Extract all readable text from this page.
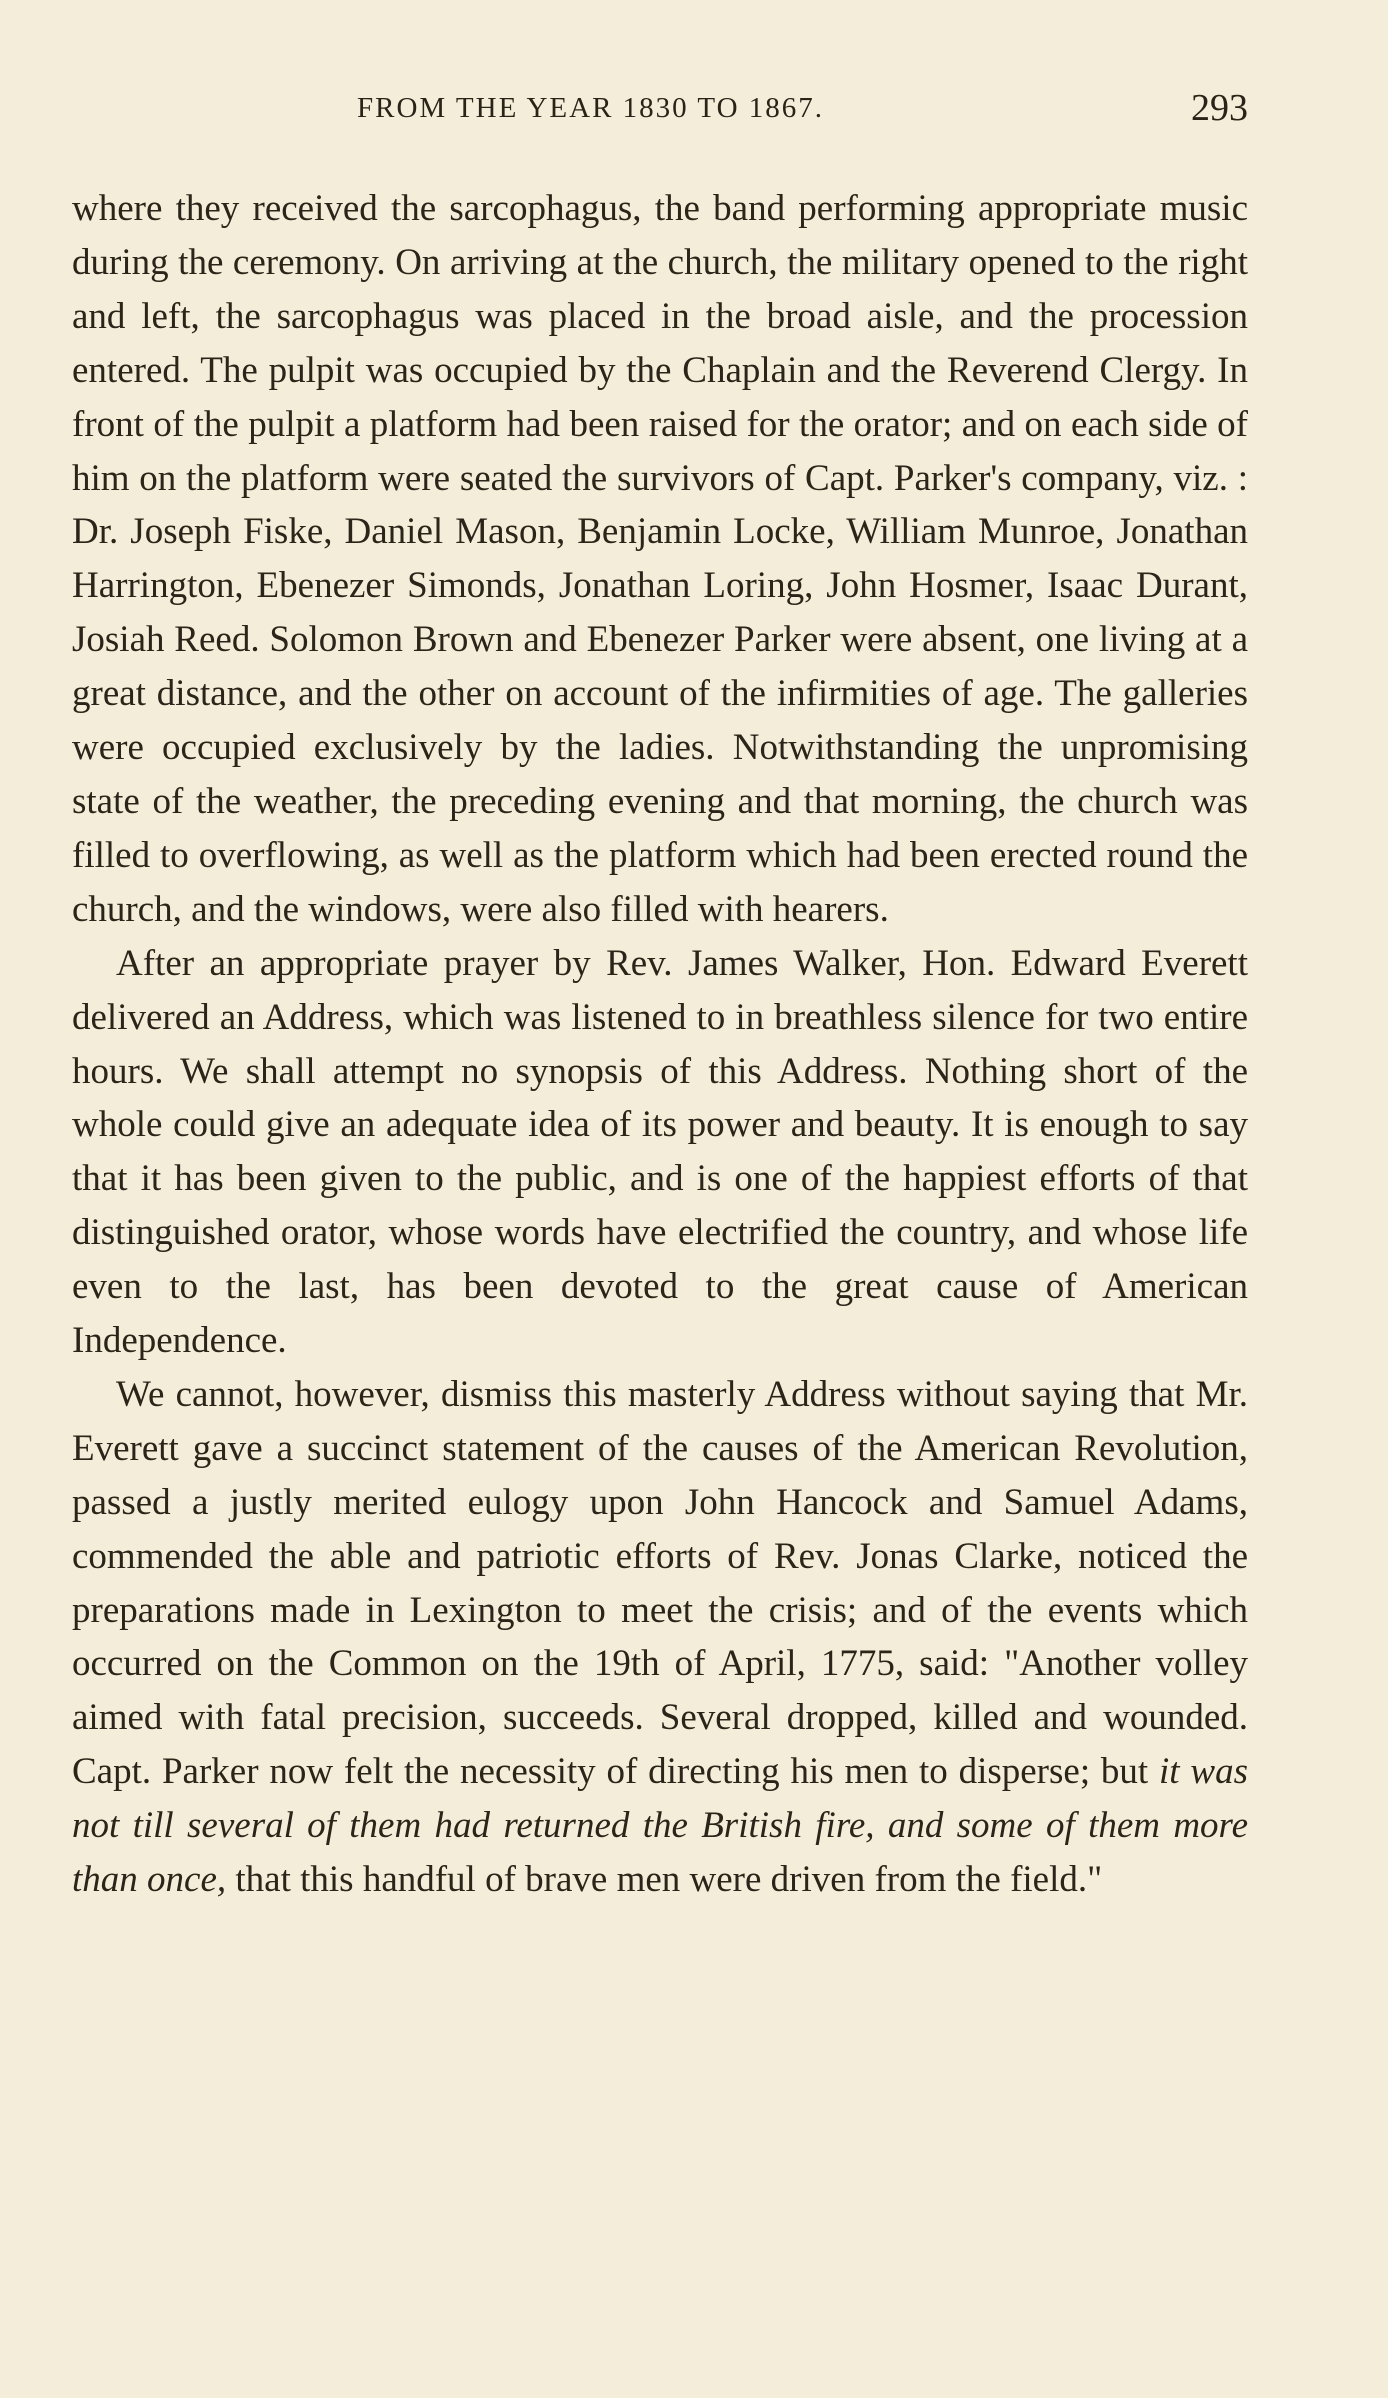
FROM THE YEAR 1830 TO 1867.	293

where they received the sarcophagus, the band performing appropriate music during the ceremony. On arriving at the church, the military opened to the right and left, the sarcophagus was placed in the broad aisle, and the procession entered. The pulpit was occupied by the Chaplain and the Reverend Clergy. In front of the pulpit a platform had been raised for the orator; and on each side of him on the platform were seated the survivors of Capt. Parker's company, viz. : Dr. Joseph Fiske, Daniel Mason, Benjamin Locke, William Munroe, Jonathan Harrington, Ebenezer Simonds, Jonathan Loring, John Hosmer, Isaac Durant, Josiah Reed. Solomon Brown and Ebenezer Parker were absent, one living at a great distance, and the other on account of the infirmities of age. The galleries were occupied exclusively by the ladies. Notwithstanding the unpromising state of the weather, the preceding evening and that morning, the church was filled to overflowing, as well as the platform which had been erected round the church, and the windows, were also filled with hearers.

After an appropriate prayer by Rev. James Walker, Hon. Edward Everett delivered an Address, which was listened to in breathless silence for two entire hours. We shall attempt no synopsis of this Address. Nothing short of the whole could give an adequate idea of its power and beauty. It is enough to say that it has been given to the public, and is one of the happiest efforts of that distinguished orator, whose words have electrified the country, and whose life even to the last, has been devoted to the great cause of American Independence.

We cannot, however, dismiss this masterly Address without saying that Mr. Everett gave a succinct statement of the causes of the American Revolution, passed a justly merited eulogy upon John Hancock and Samuel Adams, commended the able and patriotic efforts of Rev. Jonas Clarke, noticed the preparations made in Lexington to meet the crisis; and of the events which occurred on the Common on the 19th of April, 1775, said: "Another volley aimed with fatal precision, succeeds. Several dropped, killed and wounded. Capt. Parker now felt the necessity of directing his men to disperse; but it was not till several of them had returned the British fire, and some of them more than once, that this handful of brave men were driven from the field."
